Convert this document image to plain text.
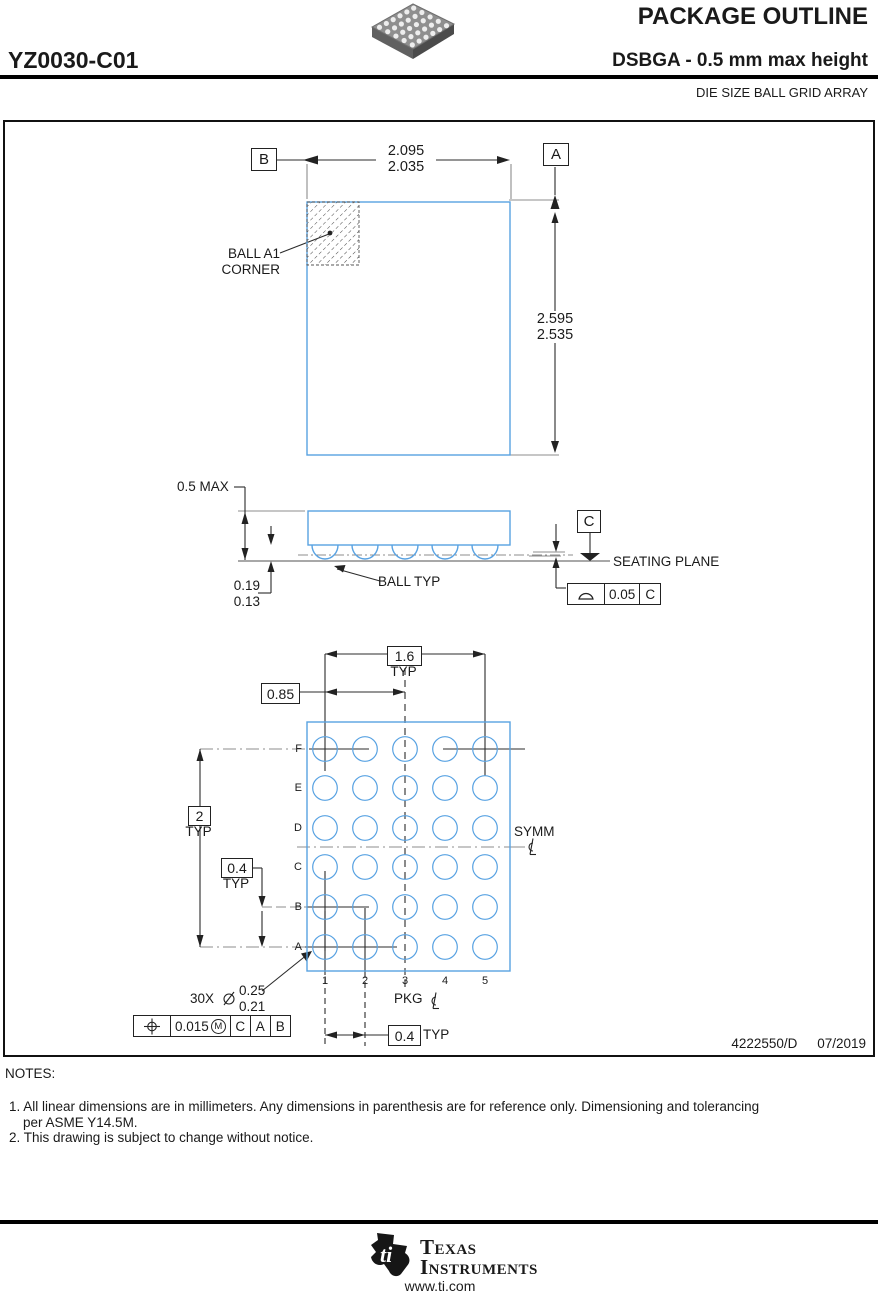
PACKAGE OUTLINE
YZ0030-C01	DSBGA - 0.5 mm max height
DIE SIZE BALL GRID ARRAY
B	A
2.095
2.035
2.595
2.535
BALL A1
CORNER
0.5 MAX
0.19
0.13
BALL TYP
C
SEATING PLANE
0.05 C
1.6
TYP
0.85
2
TYP
0.4
TYP
F
E
D
C
B
A
1	2	3	4	5
SYMM
PKG
30X
0.25
0.21
0.015 M C A B
0.4 TYP
4222550/D 07/2019
NOTES:
1. All linear dimensions are in millimeters. Any dimensions in parenthesis are for reference only. Dimensioning and tolerancing
per ASME Y14.5M.
2. This drawing is subject to change without notice.
ti Texas
Instruments
www.ti.com
